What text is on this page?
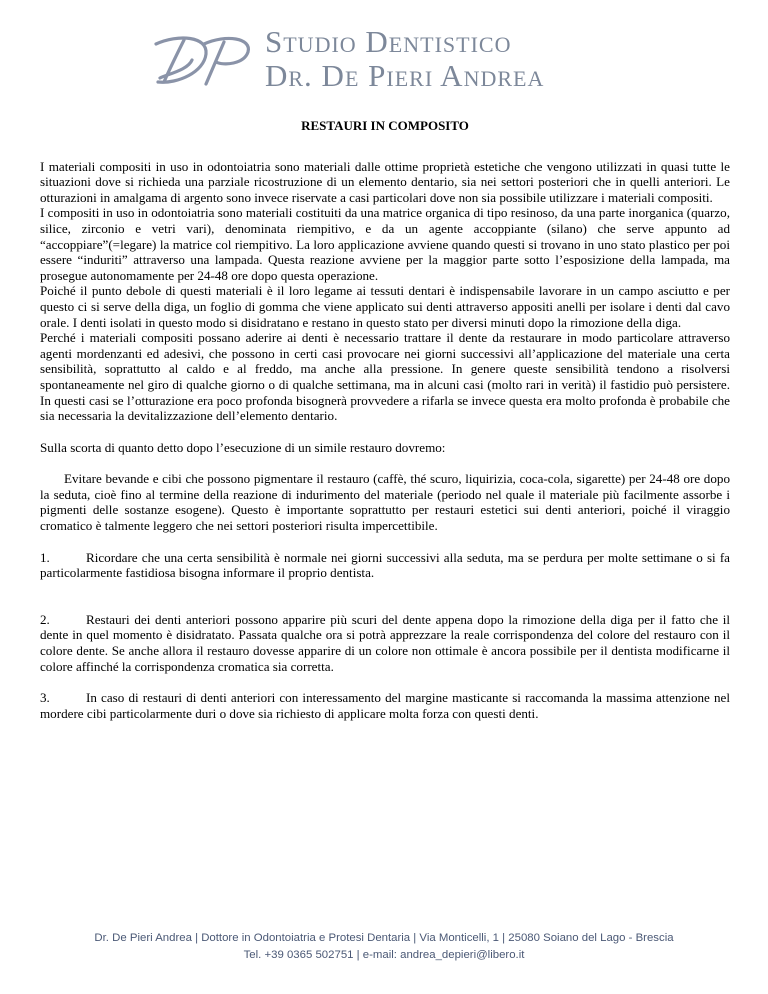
Studio Dentistico
Dr. De Pieri Andrea
RESTAURI IN COMPOSITO

I materiali compositi in uso in odontoiatria sono materiali dalle ottime proprietà estetiche che vengono utilizzati in quasi tutte le situazioni dove si richieda una parziale ricostruzione di un elemento dentario, sia nei settori posteriori che in quelli anteriori. Le otturazioni in amalgama di argento sono invece riservate a casi particolari dove non sia possibile utilizzare i materiali compositi.

I compositi in uso in odontoiatria sono materiali costituiti da una matrice organica di tipo resinoso, da una parte inorganica (quarzo, silice, zirconio e vetri vari), denominata riempitivo, e da un agente accoppiante (silano) che serve appunto ad “accoppiare”(=legare) la matrice col riempitivo. La loro applicazione avviene quando questi si trovano in uno stato plastico per poi essere “induriti” attraverso una lampada. Questa reazione avviene per la maggior parte sotto l’esposizione della lampada, ma prosegue autonomamente per 24-48 ore dopo questa operazione.

Poiché il punto debole di questi materiali è il loro legame ai tessuti dentari è indispensabile lavorare in un campo asciutto e per questo ci si serve della diga, un foglio di gomma che viene applicato sui denti attraverso appositi anelli per isolare i denti dal cavo orale. I denti isolati in questo modo si disidratano e restano in questo stato per diversi minuti dopo la rimozione della diga.

Perché i materiali compositi possano aderire ai denti è necessario trattare il dente da restaurare in modo particolare attraverso agenti mordenzanti ed adesivi, che possono in certi casi provocare nei giorni successivi all’applicazione del materiale una certa sensibilità, soprattutto al caldo e al freddo, ma anche alla pressione. In genere queste sensibilità tendono a risolversi spontaneamente nel giro di qualche giorno o di qualche settimana, ma in alcuni casi (molto rari in verità) il fastidio può persistere. In questi casi se l’otturazione era poco profonda bisognerà provvedere a rifarla se invece questa era molto profonda è probabile che sia necessaria la devitalizzazione dell’elemento dentario.

Sulla scorta di quanto detto dopo l’esecuzione di un simile restauro dovremo:

Evitare bevande e cibi che possono pigmentare il restauro (caffè, thé scuro, liquirizia, coca-cola, sigarette) per 24-48 ore dopo la seduta, cioè fino al termine della reazione di indurimento del materiale (periodo nel quale il materiale più facilmente assorbe i pigmenti delle sostanze esogene). Questo è importante soprattutto per restauri estetici sui denti anteriori, poiché il viraggio cromatico è talmente leggero che nei settori posteriori risulta impercettibile.

1.	Ricordare che una certa sensibilità è normale nei giorni successivi alla seduta, ma se perdura per molte settimane o si fa particolarmente fastidiosa bisogna informare il proprio dentista.

2.	Restauri dei denti anteriori possono apparire più scuri del dente appena dopo la rimozione della diga per il fatto che il dente in quel momento è disidratato. Passata qualche ora si potrà apprezzare la reale corrispondenza del colore del restauro con il colore dente. Se anche allora il restauro dovesse apparire di un colore non ottimale è ancora possibile per il dentista modificarne il colore affinché la corrispondenza cromatica sia corretta.

3.	In caso di restauri di denti anteriori con interessamento del margine masticante si raccomanda la massima attenzione nel mordere cibi particolarmente duri o dove sia richiesto di applicare molta forza con questi denti.

Dr. De Pieri Andrea | Dottore in Odontoiatria e Protesi Dentaria | Via Monticelli, 1 | 25080 Soiano del Lago - Brescia
Tel. +39 0365 502751 | e-mail: andrea_depieri@libero.it
